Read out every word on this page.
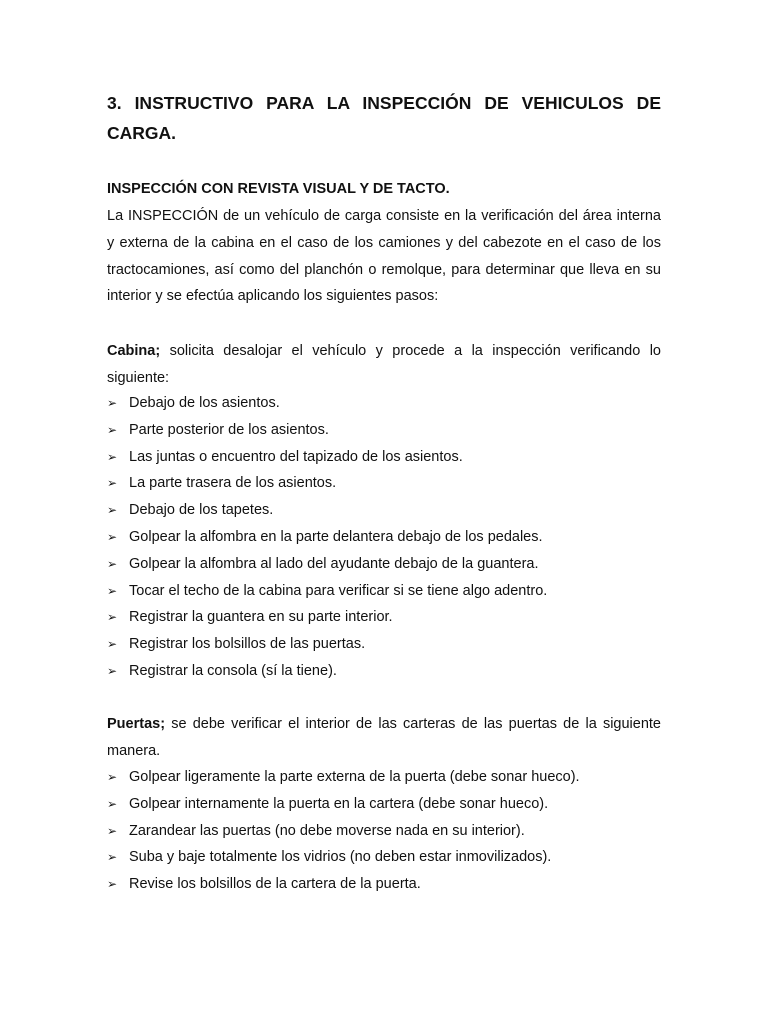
3. INSTRUCTIVO PARA LA INSPECCIÓN DE VEHICULOS DE CARGA.
INSPECCIÓN CON REVISTA VISUAL Y DE TACTO.
La INSPECCIÓN de un vehículo de carga consiste en la verificación del área interna y externa de la cabina en el caso de los camiones y del cabezote en el caso de los tractocamiones, así como del planchón o remolque, para determinar que lleva en su interior y se efectúa aplicando los siguientes pasos:
Cabina; solicita desalojar el vehículo y procede a la inspección verificando lo siguiente:
➢ Debajo de los asientos.
➢ Parte posterior de los asientos.
➢ Las juntas o encuentro del tapizado de los asientos.
➢ La parte trasera de los asientos.
➢ Debajo de los tapetes.
➢ Golpear la alfombra en la parte delantera debajo de los pedales.
➢ Golpear la alfombra al lado del ayudante debajo de la guantera.
➢ Tocar el techo de la cabina para verificar si se tiene algo adentro.
➢ Registrar la guantera en su parte interior.
➢ Registrar los bolsillos de las puertas.
➢ Registrar la consola (sí la tiene).
Puertas; se debe verificar el interior de las carteras de las puertas de la siguiente manera.
➢ Golpear ligeramente la parte externa de la puerta (debe sonar hueco).
➢ Golpear internamente la puerta en la cartera (debe sonar hueco).
➢ Zarandear las puertas (no debe moverse nada en su interior).
➢ Suba y baje totalmente los vidrios (no deben estar inmovilizados).
➢ Revise los bolsillos de la cartera de la puerta.
